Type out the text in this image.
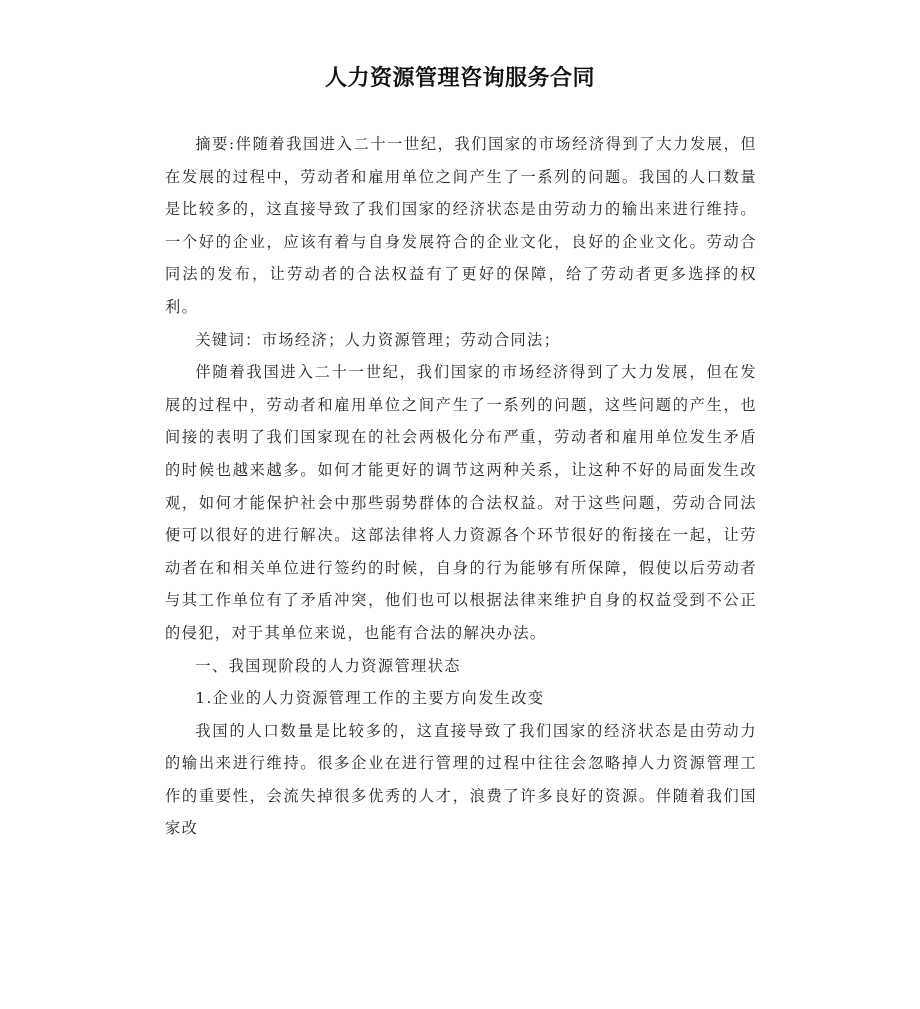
人力资源管理咨询服务合同

摘要:伴随着我国进入二十一世纪，我们国家的市场经济得到了大力发展，但在发展的过程中，劳动者和雇用单位之间产生了一系列的问题。我国的人口数量是比较多的，这直接导致了我们国家的经济状态是由劳动力的输出来进行维持。一个好的企业，应该有着与自身发展符合的企业文化，良好的企业文化。劳动合同法的发布，让劳动者的合法权益有了更好的保障，给了劳动者更多选择的权利。

关键词：市场经济；人力资源管理；劳动合同法；

伴随着我国进入二十一世纪，我们国家的市场经济得到了大力发展，但在发展的过程中，劳动者和雇用单位之间产生了一系列的问题，这些问题的产生，也间接的表明了我们国家现在的社会两极化分布严重，劳动者和雇用单位发生矛盾的时候也越来越多。如何才能更好的调节这两种关系，让这种不好的局面发生改观，如何才能保护社会中那些弱势群体的合法权益。对于这些问题，劳动合同法便可以很好的进行解决。这部法律将人力资源各个环节很好的衔接在一起，让劳动者在和相关单位进行签约的时候，自身的行为能够有所保障，假使以后劳动者与其工作单位有了矛盾冲突，他们也可以根据法律来维护自身的权益受到不公正的侵犯，对于其单位来说，也能有合法的解决办法。

一、我国现阶段的人力资源管理状态

1.企业的人力资源管理工作的主要方向发生改变

我国的人口数量是比较多的，这直接导致了我们国家的经济状态是由劳动力的输出来进行维持。很多企业在进行管理的过程中往往会忽略掉人力资源管理工作的重要性，会流失掉很多优秀的人才，浪费了许多良好的资源。伴随着我们国家改
